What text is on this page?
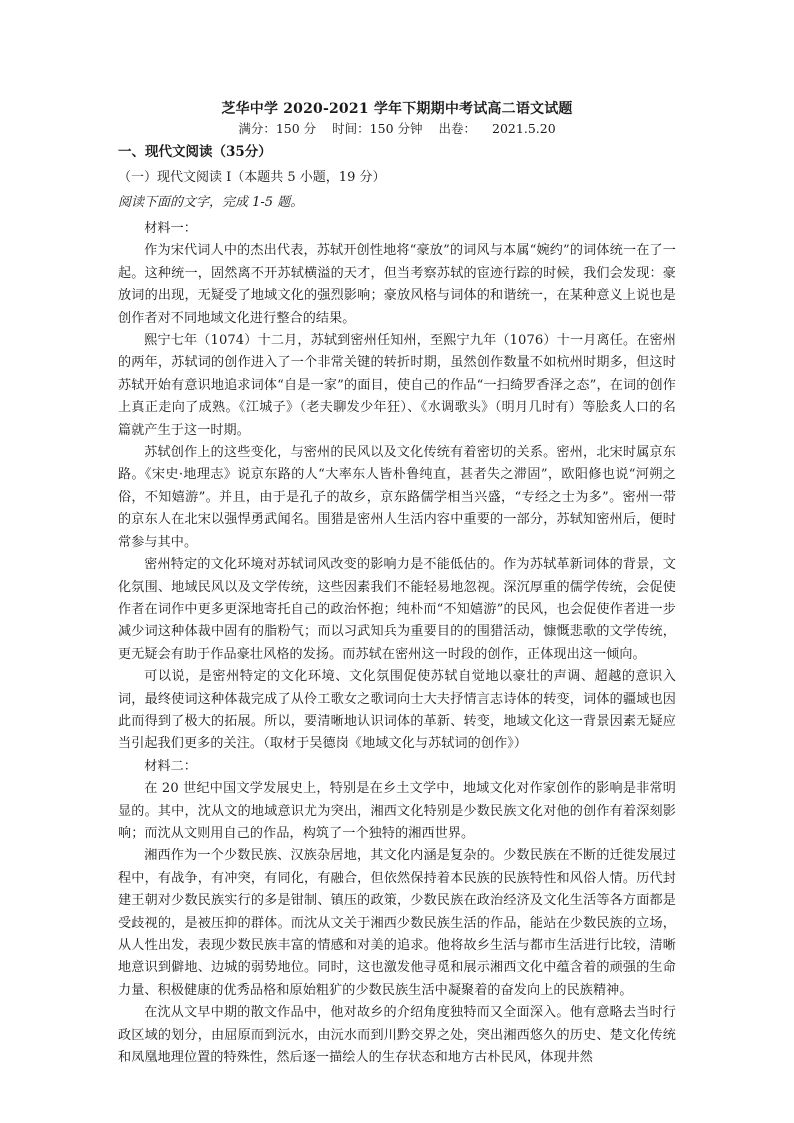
芝华中学 2020-2021 学年下期期中考试高二语文试题
满分：150 分 时间：150 分钟 出卷： 2021.5.20
一、现代文阅读（35分）
（一）现代文阅读 I（本题共 5 小题，19 分）
阅读下面的文字，完成 1-5 题。

材料一：

作为宋代词人中的杰出代表，苏轼开创性地将“豪放”的词风与本属“婉约”的词体统一在了一起。这种统一，固然离不开苏轼横溢的天才，但当考察苏轼的宦迹行踪的时候，我们会发现：豪放词的出现，无疑受了地域文化的强烈影响；豪放风格与词体的和谐统一，在某种意义上说也是创作者对不同地域文化进行整合的结果。

熙宁七年（1074）十二月，苏轼到密州任知州，至熙宁九年（1076）十一月离任。在密州的两年，苏轼词的创作进入了一个非常关键的转折时期，虽然创作数量不如杭州时期多，但这时苏轼开始有意识地追求词体“自是一家”的面目，使自己的作品“一扫绮罗香泽之态”，在词的创作上真正走向了成熟。《江城子》（老夫聊发少年狂）、《水调歌头》（明月几时有）等脍炙人口的名篇就产生于这一时期。

苏轼创作上的这些变化，与密州的民风以及文化传统有着密切的关系。密州，北宋时属京东路。《宋史·地理志》说京东路的人“大率东人皆朴鲁纯直，甚者失之滞固”，欧阳修也说“河朔之俗，不知嬉游”。并且，由于是孔子的故乡，京东路儒学相当兴盛，“专经之士为多”。密州一带的京东人在北宋以强悍勇武闻名。围猎是密州人生活内容中重要的一部分，苏轼知密州后，便时常参与其中。

密州特定的文化环境对苏轼词风改变的影响力是不能低估的。作为苏轼革新词体的背景，文化氛围、地域民风以及文学传统，这些因素我们不能轻易地忽视。深沉厚重的儒学传统，会促使作者在词作中更多更深地寄托自己的政治怀抱；纯朴而“不知嬉游”的民风，也会促使作者进一步减少词这种体裁中固有的脂粉气；而以习武知兵为重要目的的围猎活动，慷慨悲歌的文学传统，更无疑会有助于作品豪壮风格的发扬。而苏轼在密州这一时段的创作，正体现出这一倾向。

可以说，是密州特定的文化环境、文化氛围促使苏轼自觉地以豪壮的声调、超越的意识入词，最终使词这种体裁完成了从伶工歌女之歌词向士大夫抒情言志诗体的转变，词体的疆域也因此而得到了极大的拓展。所以，要清晰地认识词体的革新、转变，地域文化这一背景因素无疑应当引起我们更多的关注。（取材于吴德岗《地域文化与苏轼词的创作》）

材料二：

在 20 世纪中国文学发展史上，特别是在乡土文学中，地域文化对作家创作的影响是非常明显的。其中，沈从文的地域意识尤为突出，湘西文化特别是少数民族文化对他的创作有着深刻影响；而沈从文则用自己的作品，构筑了一个独特的湘西世界。

湘西作为一个少数民族、汉族杂居地，其文化内涵是复杂的。少数民族在不断的迁徙发展过程中，有战争，有冲突，有同化，有融合，但依然保持着本民族的民族特性和风俗人情。历代封建王朝对少数民族实行的多是钳制、镇压的政策，少数民族在政治经济及文化生活等各方面都是受歧视的，是被压抑的群体。而沈从文关于湘西少数民族生活的作品，能站在少数民族的立场，从人性出发，表现少数民族丰富的情感和对美的追求。他将故乡生活与都市生活进行比较，清晰地意识到僻地、边城的弱势地位。同时，这也激发他寻觅和展示湘西文化中蕴含着的顽强的生命力量、积极健康的优秀品格和原始粗犷的少数民族生活中凝聚着的奋发向上的民族精神。

在沈从文早中期的散文作品中，他对故乡的介绍角度独特而又全面深入。他有意略去当时行政区域的划分，由屈原而到沅水，由沅水而到川黔交界之处，突出湘西悠久的历史、楚文化传统和凤凰地理位置的特殊性，然后逐一描绘人的生存状态和地方古朴民风，体现井然
